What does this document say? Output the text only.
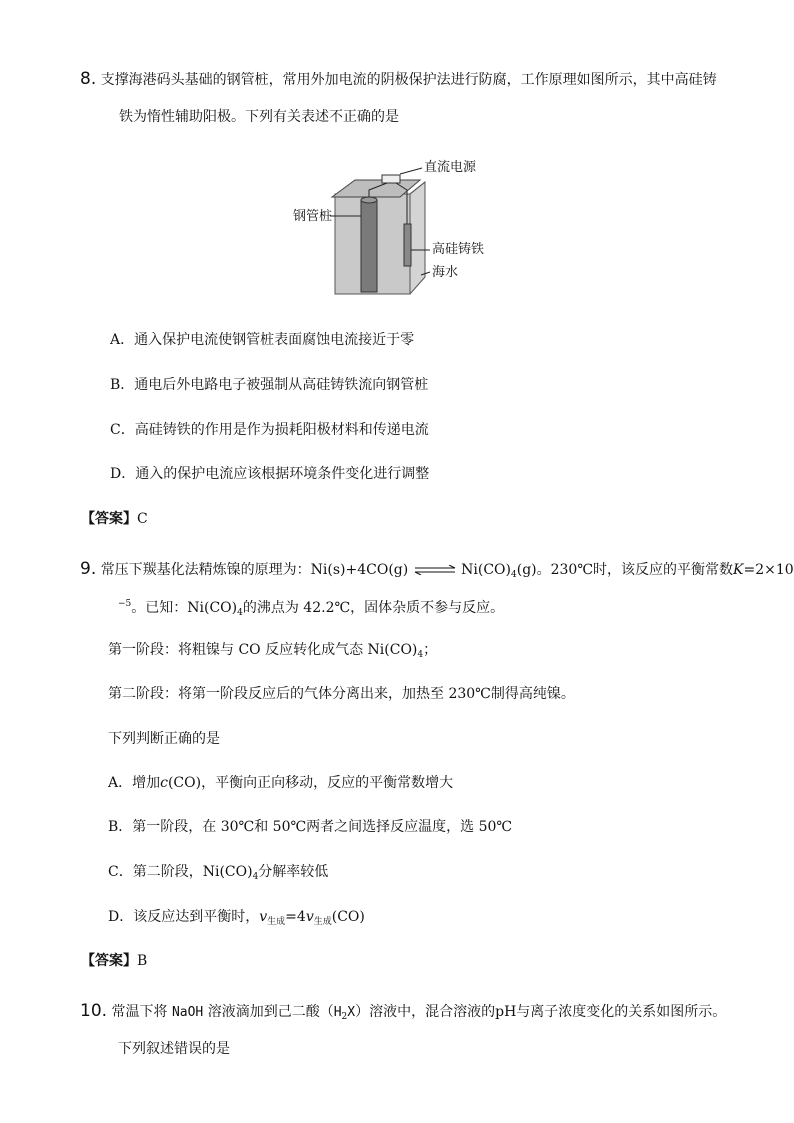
8. 支撑海港码头基础的钢管桩，常用外加电流的阴极保护法进行防腐，工作原理如图所示，其中高硅铸
铁为惰性辅助阳极。下列有关表述不正确的是
直流电源
钢管桩
高硅铸铁
海水
A．通入保护电流使钢管桩表面腐蚀电流接近于零
B．通电后外电路电子被强制从高硅铸铁流向钢管桩
C．高硅铸铁的作用是作为损耗阳极材料和传递电流
D．通入的保护电流应该根据环境条件变化进行调整
【答案】C
9. 常压下羰基化法精炼镍的原理为：Ni(s)+4CO(g) ⇌ $Ni(CO)_4(g)$。230℃时，该反应的平衡常数K=2×10
$^{-5}$。已知：$Ni(CO)_4$的沸点为 42.2℃，固体杂质不参与反应。
第一阶段：将粗镍与 CO 反应转化成气态 $Ni(CO)_4$；
第二阶段：将第一阶段反应后的气体分离出来，加热至 230℃制得高纯镍。
下列判断正确的是
A．增加c(CO)，平衡向正向移动，反应的平衡常数增大
B．第一阶段，在 30℃和 50℃两者之间选择反应温度，选 50℃
C．第二阶段，$Ni(CO)_4$分解率较低
D．该反应达到平衡时，$v_{生成}=4v_{生成}(CO)$
【答案】B
10. 常温下将 NaOH 溶液滴加到己二酸$(H_2X)$溶液中，混合溶液的pH与离子浓度变化的关系如图所示。
下列叙述错误的是
